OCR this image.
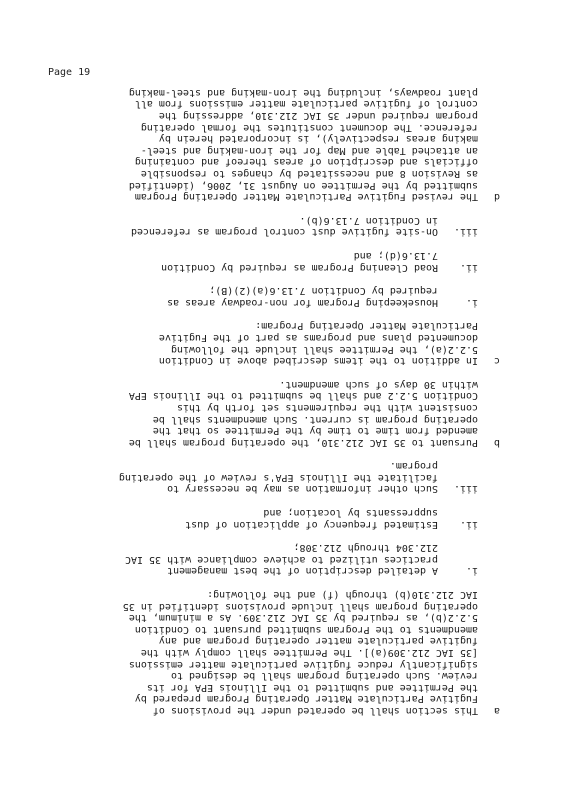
Page 19
a
This section shall be operated under the provisions of
Fugitive Particulate Matter Operating Program prepared by
the Permittee and submitted to the Illinois EPA for its
review. Such operating program shall be designed to
significantly reduce fugitive particulate matter emissions
[35 IAC 212.309(a)]. The Permittee shall comply with the
fugitive particulate matter operating program and any
amendments to the Program submitted pursuant to Condition
5.2.2(b), as required by 35 IAC 212.309. As a minimum, the
operating program shall include provisions identified in 35
IAC 212.310(b) through (f) and the following:
i.
A detailed description of the best management
practices utilized to achieve compliance with 35 IAC
212.304 through 212.308;
ii.
Estimated frequency of application of dust
suppressants by location; and
iii.
Such other information as may be necessary to
facilitate the Illinois EPA's review of the operating
program.
b
Pursuant to 35 IAC 212.310, the operating program shall be
amended from time to time by the Permittee so that the
operating program is current. Such amendments shall be
consistent with the requirements set forth by this
Condition 5.2.2 and shall be submitted to the Illinois EPA
within 30 days of such amendment.
c
In addition to the items described above in Condition
5.2.2(a), the Permittee shall include the following
documented plans and programs as part of the Fugitive
Particulate Matter Operating Program:
i.
Housekeeping Program for non-roadway areas as
required by Condition 7.13.6(a)(2)(B);
ii.
Road Cleaning Program as required by Condition
7.13.6(d); and
iii.
On-site fugitive dust control program as referenced
in Condition 7.13.6(b).
d
The revised Fugitive Particulate Matter Operating Program
submitted by the Permittee on August 31, 2006, (identified
as Revision 8 and necessitated by changes to responsible
officials and description of areas thereof and containing
an attached Table and Map for the iron-making and steel-
making areas respectively), is incorporated herein by
reference. The document constitutes the formal operating
program required under 35 IAC 212.310, addressing the
control of fugitive particulate matter emissions from all
plant roadways, including the iron-making and steel-making
